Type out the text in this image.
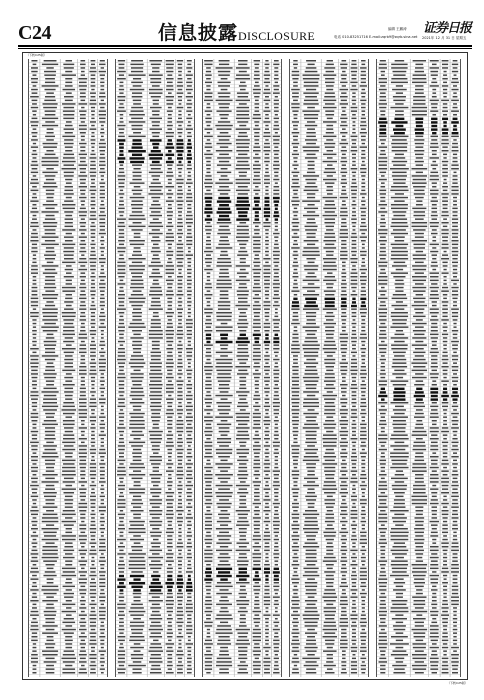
C24	信息披露 DISCLOSURE	编辑 王鹏涛
电话 010-83251716 E-mail:zqrb9@zqrb.sina.net
证券日报
2021年 12 月 31 日 星期五
（下转C25版）
（下转C25版）
